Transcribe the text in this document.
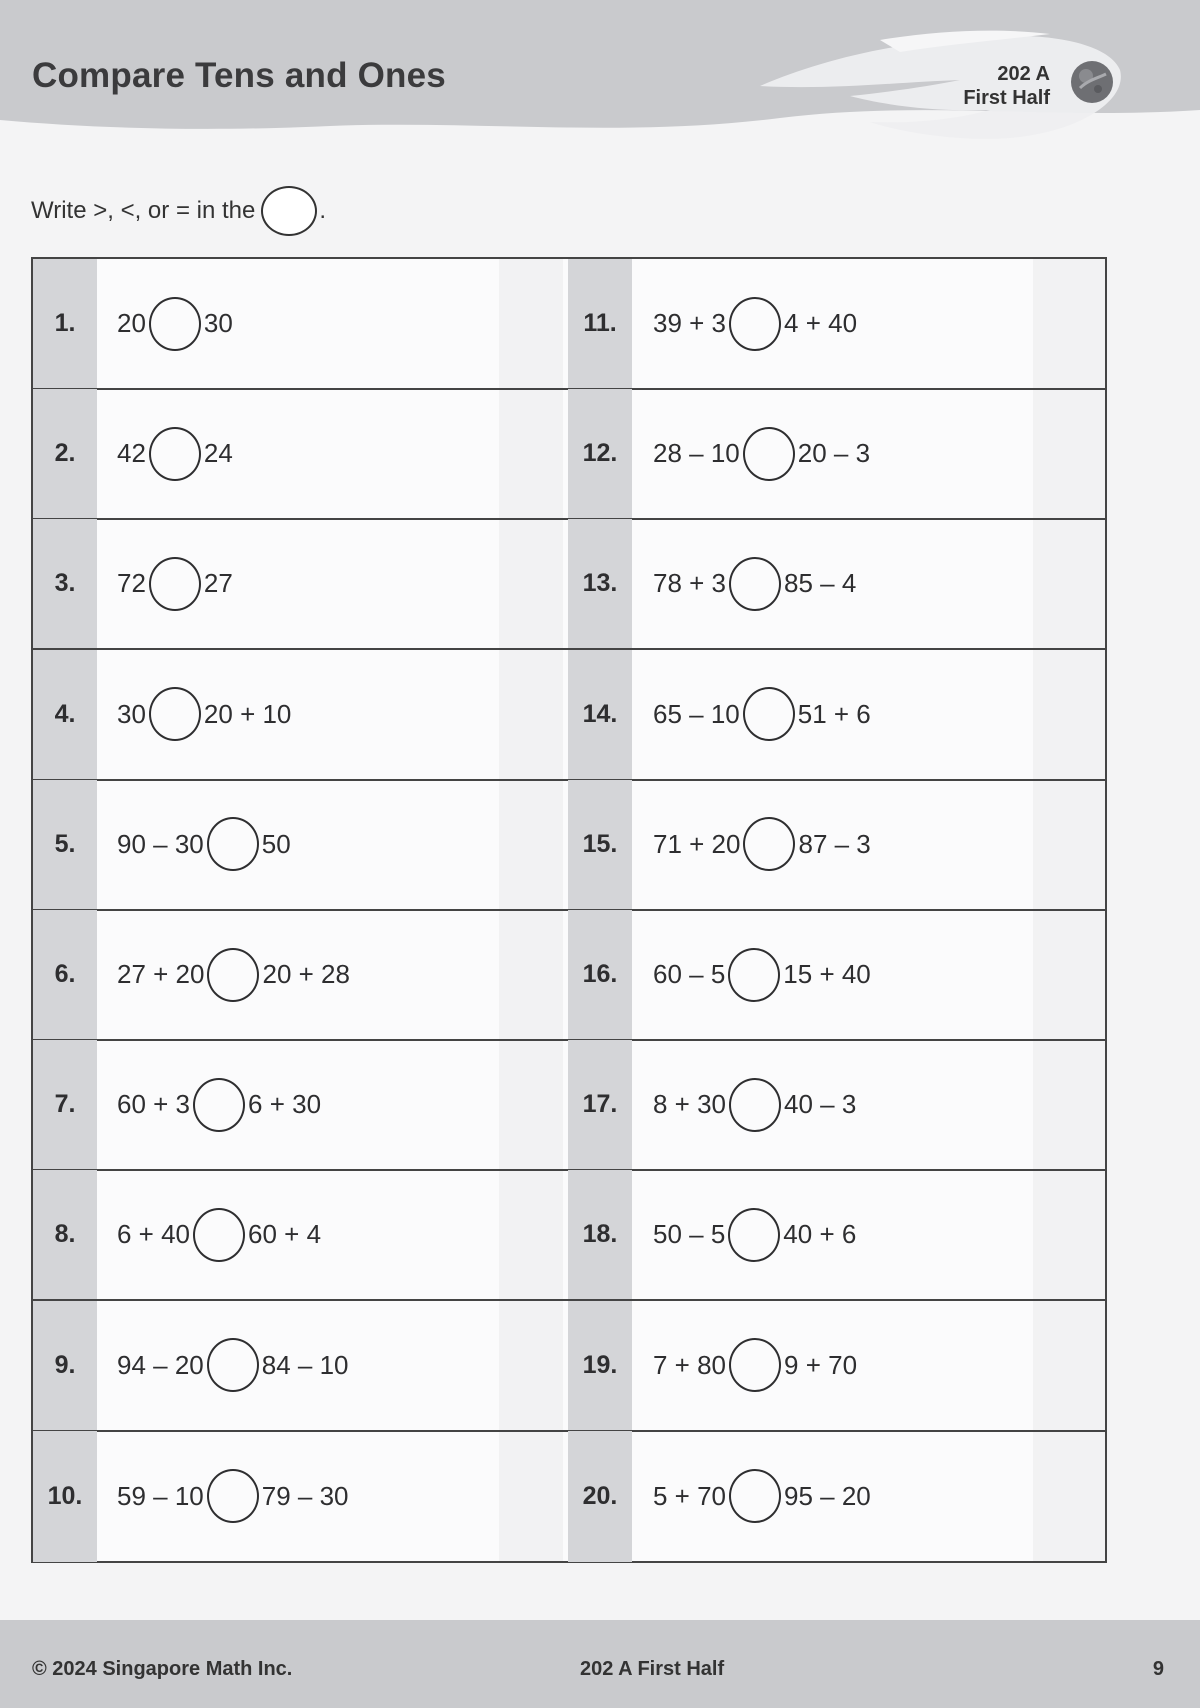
Compare Tens and Ones	202 A
First Half
Write >, <, or = in the	.
1.	20 30	11.	39 + 3 4 + 40
2.	42 24	12.	28 – 10 20 – 3
3.	72 27	13.	78 + 3 85 – 4
4.	30 20 + 10	14.	65 – 10 51 + 6
5.	90 – 30 50	15.	71 + 20 87 – 3
6.	27 + 20 20 + 28	16.	60 – 5 15 + 40
7.	60 + 3 6 + 30	17.	8 + 30 40 – 3
8.	6 + 40 60 + 4	18.	50 – 5 40 + 6
9.	94 – 20 84 – 10	19.	7 + 80 9 + 70
10.	59 – 10 79 – 30	20.	5 + 70 95 – 20
© 2024 Singapore Math Inc.	202 A First Half	9
